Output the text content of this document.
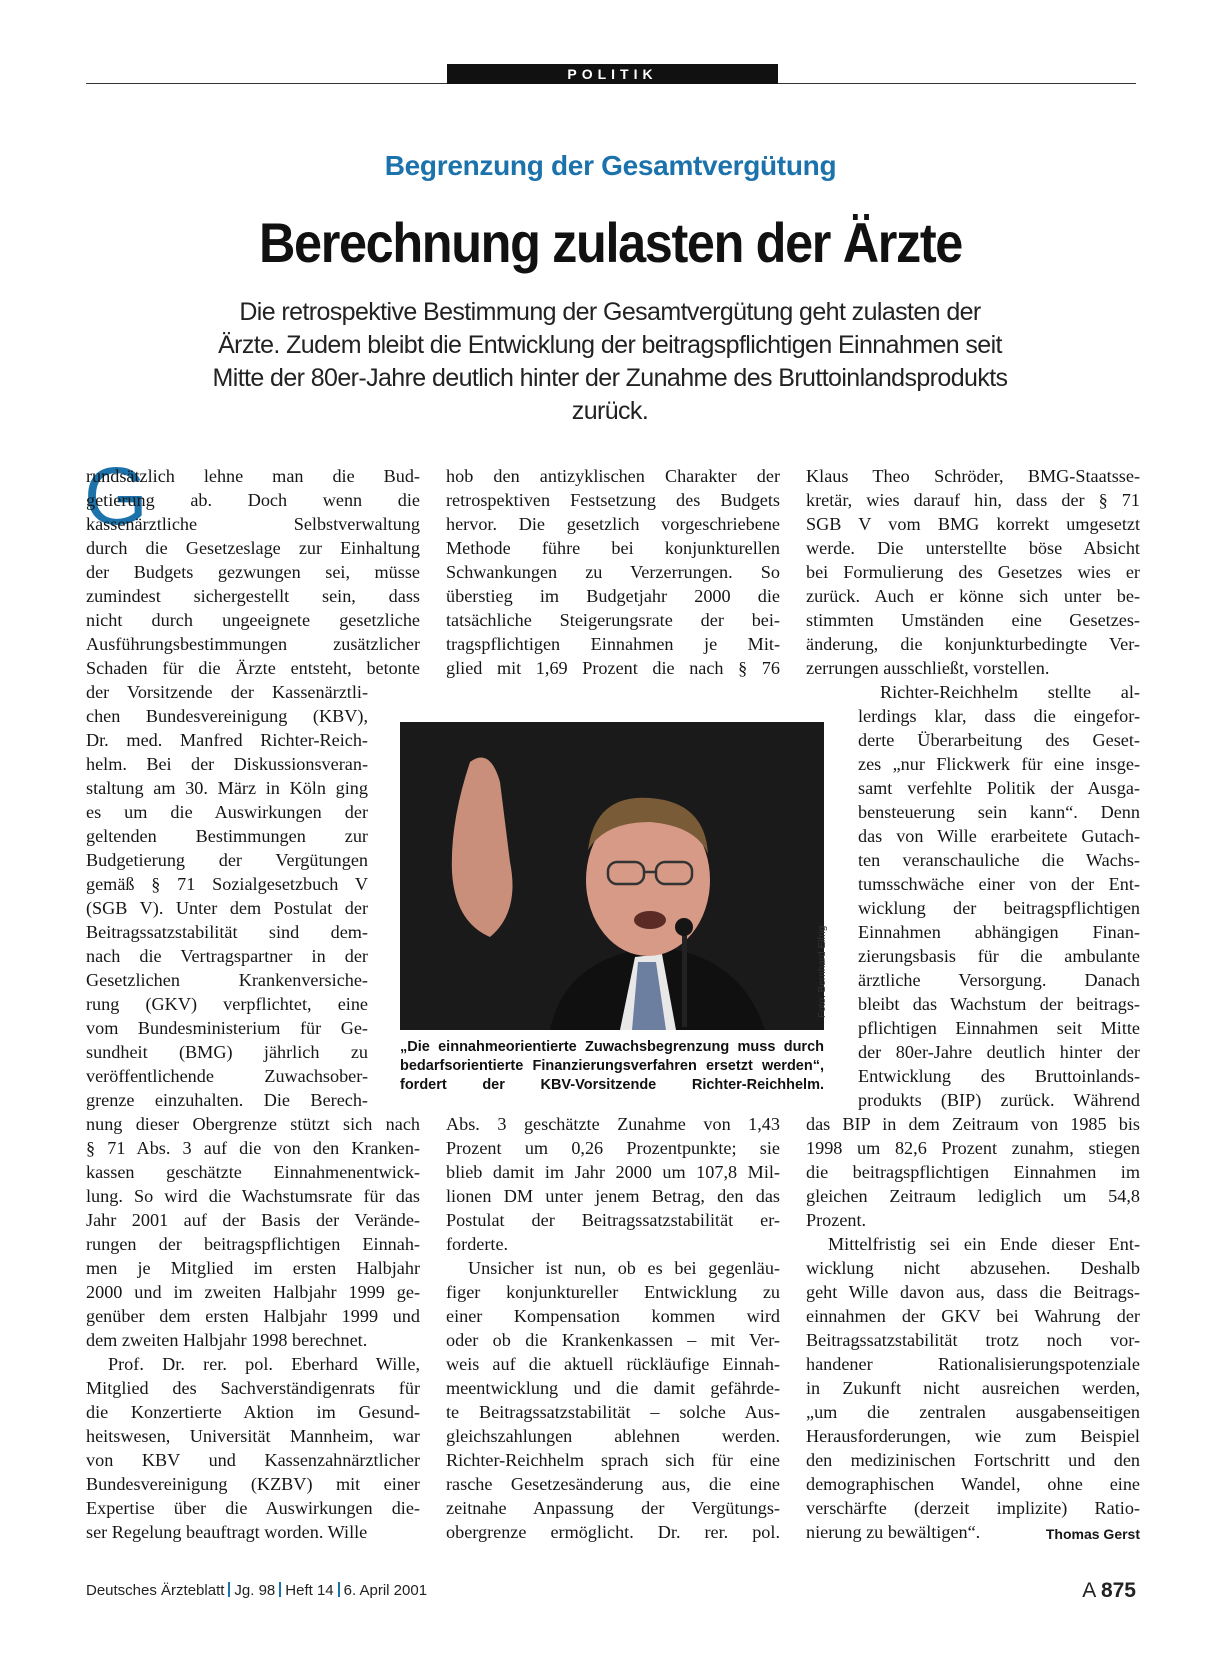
POLITIK
Begrenzung der Gesamtvergütung
Berechnung zulasten der Ärzte
Die retrospektive Bestimmung der Gesamtvergütung geht zulasten der Ärzte. Zudem bleibt die Entwicklung der beitragspflichtigen Einnahmen seit Mitte der 80er-Jahre deutlich hinter der Zunahme des Bruttoinlandsprodukts zurück.
G
rundsätzlich lehne man die Bud-
getierung ab. Doch wenn die
kassenärztliche Selbstverwaltung
durch die Gesetzeslage zur Einhaltung
der Budgets gezwungen sei, müsse
zumindest sichergestellt sein, dass
nicht durch ungeeignete gesetzliche
Ausführungsbestimmungen zusätzlicher
Schaden für die Ärzte entsteht, betonte
der Vorsitzende der Kassenärztli-
chen Bundesvereinigung (KBV),
Dr. med. Manfred Richter-Reich-
helm. Bei der Diskussionsveran-
staltung am 30. März in Köln ging
es um die Auswirkungen der
geltenden Bestimmungen zur
Budgetierung der Vergütungen
gemäß § 71 Sozialgesetzbuch V
(SGB V). Unter dem Postulat der
Beitragssatzstabilität sind dem-
nach die Vertragspartner in der
Gesetzlichen Krankenversiche-
rung (GKV) verpflichtet, eine
vom Bundesministerium für Ge-
sundheit (BMG) jährlich zu
veröffentlichende Zuwachsober-
grenze einzuhalten. Die Berech-
nung dieser Obergrenze stützt sich nach
§ 71 Abs. 3 auf die von den Kranken-
kassen geschätzte Einnahmenentwick-
lung. So wird die Wachstumsrate für das
Jahr 2001 auf der Basis der Verände-
rungen der beitragspflichtigen Einnah-
men je Mitglied im ersten Halbjahr
2000 und im zweiten Halbjahr 1999 ge-
genüber dem ersten Halbjahr 1999 und
dem zweiten Halbjahr 1998 berechnet.
Prof. Dr. rer. pol. Eberhard Wille,
Mitglied des Sachverständigenrats für
die Konzertierte Aktion im Gesund-
heitswesen, Universität Mannheim, war
von KBV und Kassenzahnärztlicher
Bundesvereinigung (KZBV) mit einer
Expertise über die Auswirkungen die-
ser Regelung beauftragt worden. Wille
hob den antizyklischen Charakter der
retrospektiven Festsetzung des Budgets
hervor. Die gesetzlich vorgeschriebene
Methode führe bei konjunkturellen
Schwankungen zu Verzerrungen. So
überstieg im Budgetjahr 2000 die
tatsächliche Steigerungsrate der bei-
tragspflichtigen Einnahmen je Mit-
glied mit 1,69 Prozent die nach § 76
Abs. 3 geschätzte Zunahme von 1,43
Prozent um 0,26 Prozentpunkte; sie
blieb damit im Jahr 2000 um 107,8 Mil-
lionen DM unter jenem Betrag, den das
Postulat der Beitragssatzstabilität er-
forderte.
Unsicher ist nun, ob es bei gegenläu-
figer konjunktureller Entwicklung zu
einer Kompensation kommen wird
oder ob die Krankenkassen – mit Ver-
weis auf die aktuell rückläufige Einnah-
meentwicklung und die damit gefährde-
te Beitragssatzstabilität – solche Aus-
gleichszahlungen ablehnen werden.
Richter-Reichhelm sprach sich für eine
rasche Gesetzesänderung aus, die eine
zeitnahe Anpassung der Vergütungs-
obergrenze ermöglicht. Dr. rer. pol.
Klaus Theo Schröder, BMG-Staatsse-
kretär, wies darauf hin, dass der § 71
SGB V vom BMG korrekt umgesetzt
werde. Die unterstellte böse Absicht
bei Formulierung des Gesetzes wies er
zurück. Auch er könne sich unter be-
stimmten Umständen eine Gesetzes-
änderung, die konjunkturbedingte Ver-
zerrungen ausschließt, vorstellen.
Richter-Reichhelm stellte al-
lerdings klar, dass die eingefor-
derte Überarbeitung des Geset-
zes „nur Flickwerk für eine insge-
samt verfehlte Politik der Ausga-
bensteuerung sein kann“. Denn
das von Wille erarbeitete Gutach-
ten veranschauliche die Wachs-
tumsschwäche einer von der Ent-
wicklung der beitragspflichtigen
Einnahmen abhängigen Finan-
zierungsbasis für die ambulante
ärztliche Versorgung. Danach
bleibt das Wachstum der beitrags-
pflichtigen Einnahmen seit Mitte
der 80er-Jahre deutlich hinter der
Entwicklung des Bruttoinlands-
produkts (BIP) zurück. Während
das BIP in dem Zeitraum von 1985 bis
1998 um 82,6 Prozent zunahm, stiegen
die beitragspflichtigen Einnahmen im
gleichen Zeitraum lediglich um 54,8
Prozent.
Mittelfristig sei ein Ende dieser Ent-
wicklung nicht abzusehen. Deshalb
geht Wille davon aus, dass die Beitrags-
einnahmen der GKV bei Wahrung der
Beitragssatzstabilität trotz noch vor-
handener Rationalisierungspotenziale
in Zukunft nicht ausreichen werden,
„um die zentralen ausgabenseitigen
Herausforderungen, wie zum Beispiel
den medizinischen Fortschritt und den
demographischen Wandel, ohne eine
verschärfte (derzeit implizite) Ratio-
nierung zu bewältigen“.	Thomas Gerst
Foto: Bernhard Eifrig
„Die einnahmeorientierte Zuwachsbegrenzung muss durch
bedarfsorientierte Finanzierungsverfahren ersetzt werden“,
fordert der KBV-Vorsitzende Richter-Reichhelm.
Deutsches Ärzteblatt Jg. 98 Heft 14 6. April 2001	A 875
